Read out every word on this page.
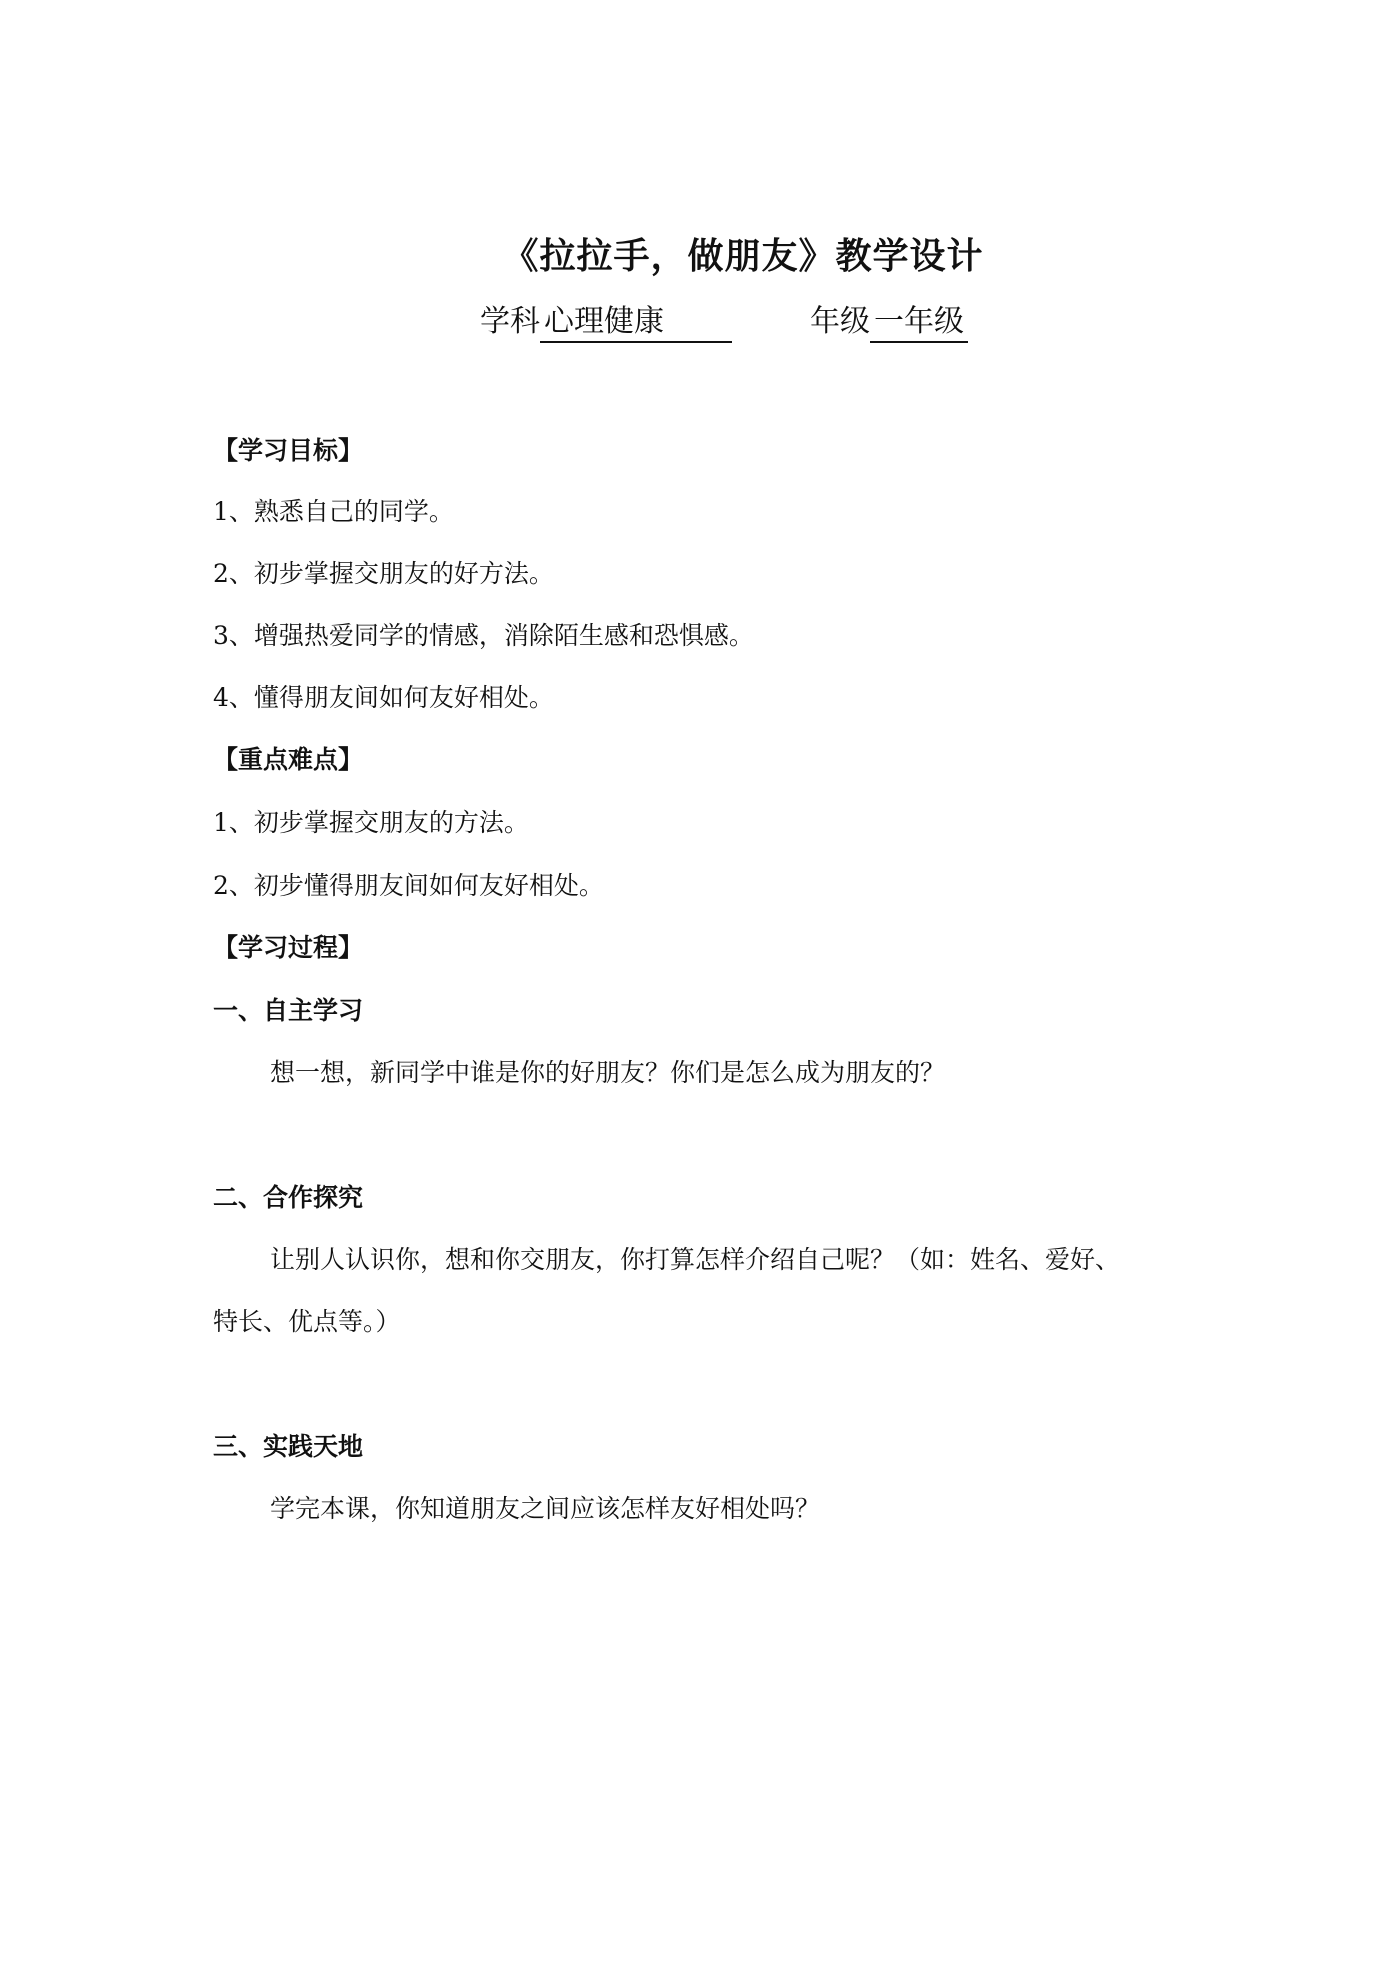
《拉拉手，做朋友》教学设计
学科 心理健康	年级 一年级
【学习目标】
1、熟悉自己的同学。
2、初步掌握交朋友的好方法。
3、增强热爱同学的情感，消除陌生感和恐惧感。
4、懂得朋友间如何友好相处。
【重点难点】
1、初步掌握交朋友的方法。
2、初步懂得朋友间如何友好相处。
【学习过程】
一、自主学习
想一想，新同学中谁是你的好朋友？你们是怎么成为朋友的？
二、合作探究
让别人认识你，想和你交朋友，你打算怎样介绍自己呢？（如：姓名、爱好、
特长、优点等。）
三、实践天地
学完本课，你知道朋友之间应该怎样友好相处吗？
